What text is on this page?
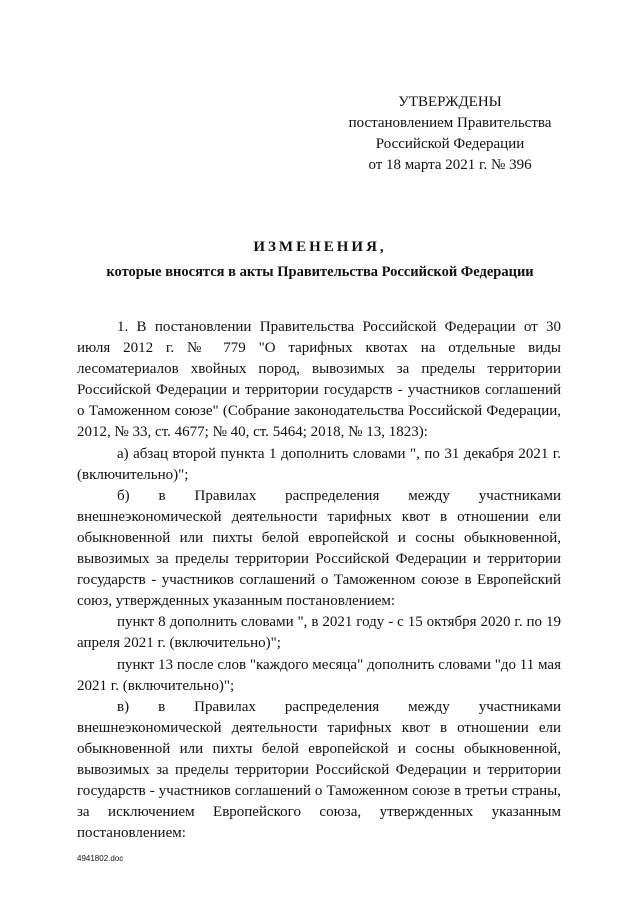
УТВЕРЖДЕНЫ
постановлением Правительства
Российской Федерации
от 18 марта 2021 г. № 396
ИЗМЕНЕНИЯ,
которые вносятся в акты Правительства Российской Федерации

1. В постановлении Правительства Российской Федерации от 30 июля 2012 г. № 779 "О тарифных квотах на отдельные виды лесоматериалов хвойных пород, вывозимых за пределы территории Российской Федерации и территории государств - участников соглашений о Таможенном союзе" (Собрание законодательства Российской Федерации, 2012, № 33, ст. 4677; № 40, ст. 5464; 2018, № 13, 1823):

а) абзац второй пункта 1 дополнить словами ", по 31 декабря 2021 г. (включительно)";

б) в Правилах распределения между участниками внешнеэкономической деятельности тарифных квот в отношении ели обыкновенной или пихты белой европейской и сосны обыкновенной, вывозимых за пределы территории Российской Федерации и территории государств - участников соглашений о Таможенном союзе в Европейский союз, утвержденных указанным постановлением:

пункт 8 дополнить словами ", в 2021 году - с 15 октября 2020 г. по 19 апреля 2021 г. (включительно)";

пункт 13 после слов "каждого месяца" дополнить словами "до 11 мая 2021 г. (включительно)";

в) в Правилах распределения между участниками внешнеэкономической деятельности тарифных квот в отношении ели обыкновенной или пихты белой европейской и сосны обыкновенной, вывозимых за пределы территории Российской Федерации и территории государств - участников соглашений о Таможенном союзе в третьи страны, за исключением Европейского союза, утвержденных указанным постановлением:

4941802.doc
